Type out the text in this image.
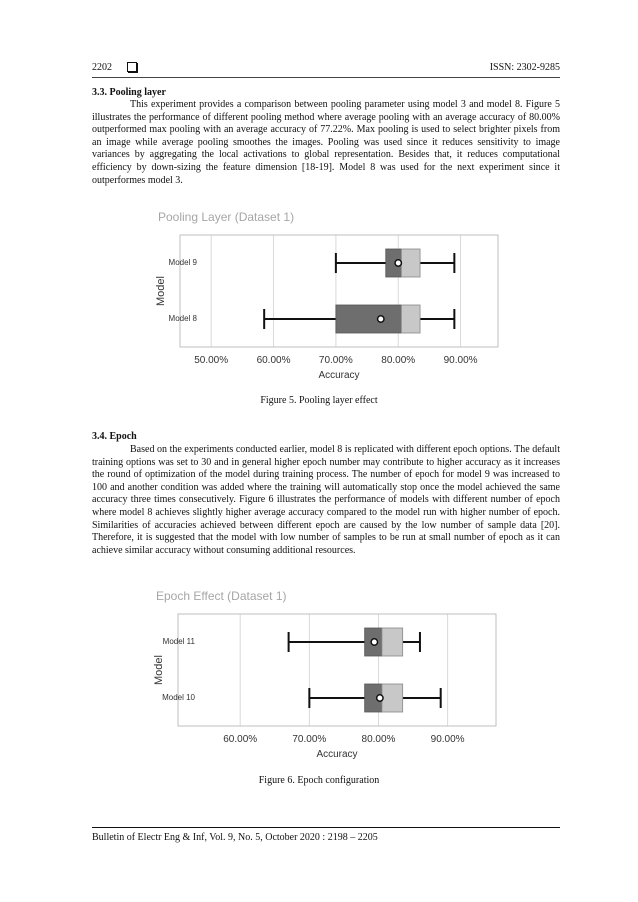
2202	ISSN: 2302-9285
3.3. Pooling layer

This experiment provides a comparison between pooling parameter using model 3 and model 8. Figure 5 illustrates the performance of different pooling method where average pooling with an average accuracy of 80.00% outperformed max pooling with an average accuracy of 77.22%. Max pooling is used to select brighter pixels from an image while average pooling smoothes the images. Pooling was used since it reduces sensitivity to image variances by aggregating the local activations to global representation. Besides that, it reduces computational efficiency by down-sizing the feature dimension [18-19]. Model 8 was used for the next experiment since it outperformes model 3.

Pooling Layer (Dataset 1)
Model 9
Model 8
50.00%	60.00%	70.00%	80.00%	90.00%
Accuracy
Model
Figure 5. Pooling layer effect
3.4. Epoch

Based on the experiments conducted earlier, model 8 is replicated with different epoch options. The default training options was set to 30 and in general higher epoch number may contribute to higher accuracy as it increases the round of optimization of the model during training process. The number of epoch for model 9 was increased to 100 and another condition was added where the training will automatically stop once the model achieved the same accuracy three times consecutively. Figure 6 illustrates the performance of models with different number of epoch where model 8 achieves slightly higher average accuracy compared to the model run with higher number of epoch. Similarities of accuracies achieved between different epoch are caused by the low number of sample data [20]. Therefore, it is suggested that the model with low number of samples to be run at small number of epoch as it can achieve similar accuracy without consuming additional resources.

Epoch Effect (Dataset 1)
Model 11
Model 10
60.00%	70.00%	80.00%	90.00%
Accuracy
Model
Figure 6. Epoch configuration
Bulletin of Electr Eng & Inf, Vol. 9, No. 5, October 2020 : 2198 – 2205
